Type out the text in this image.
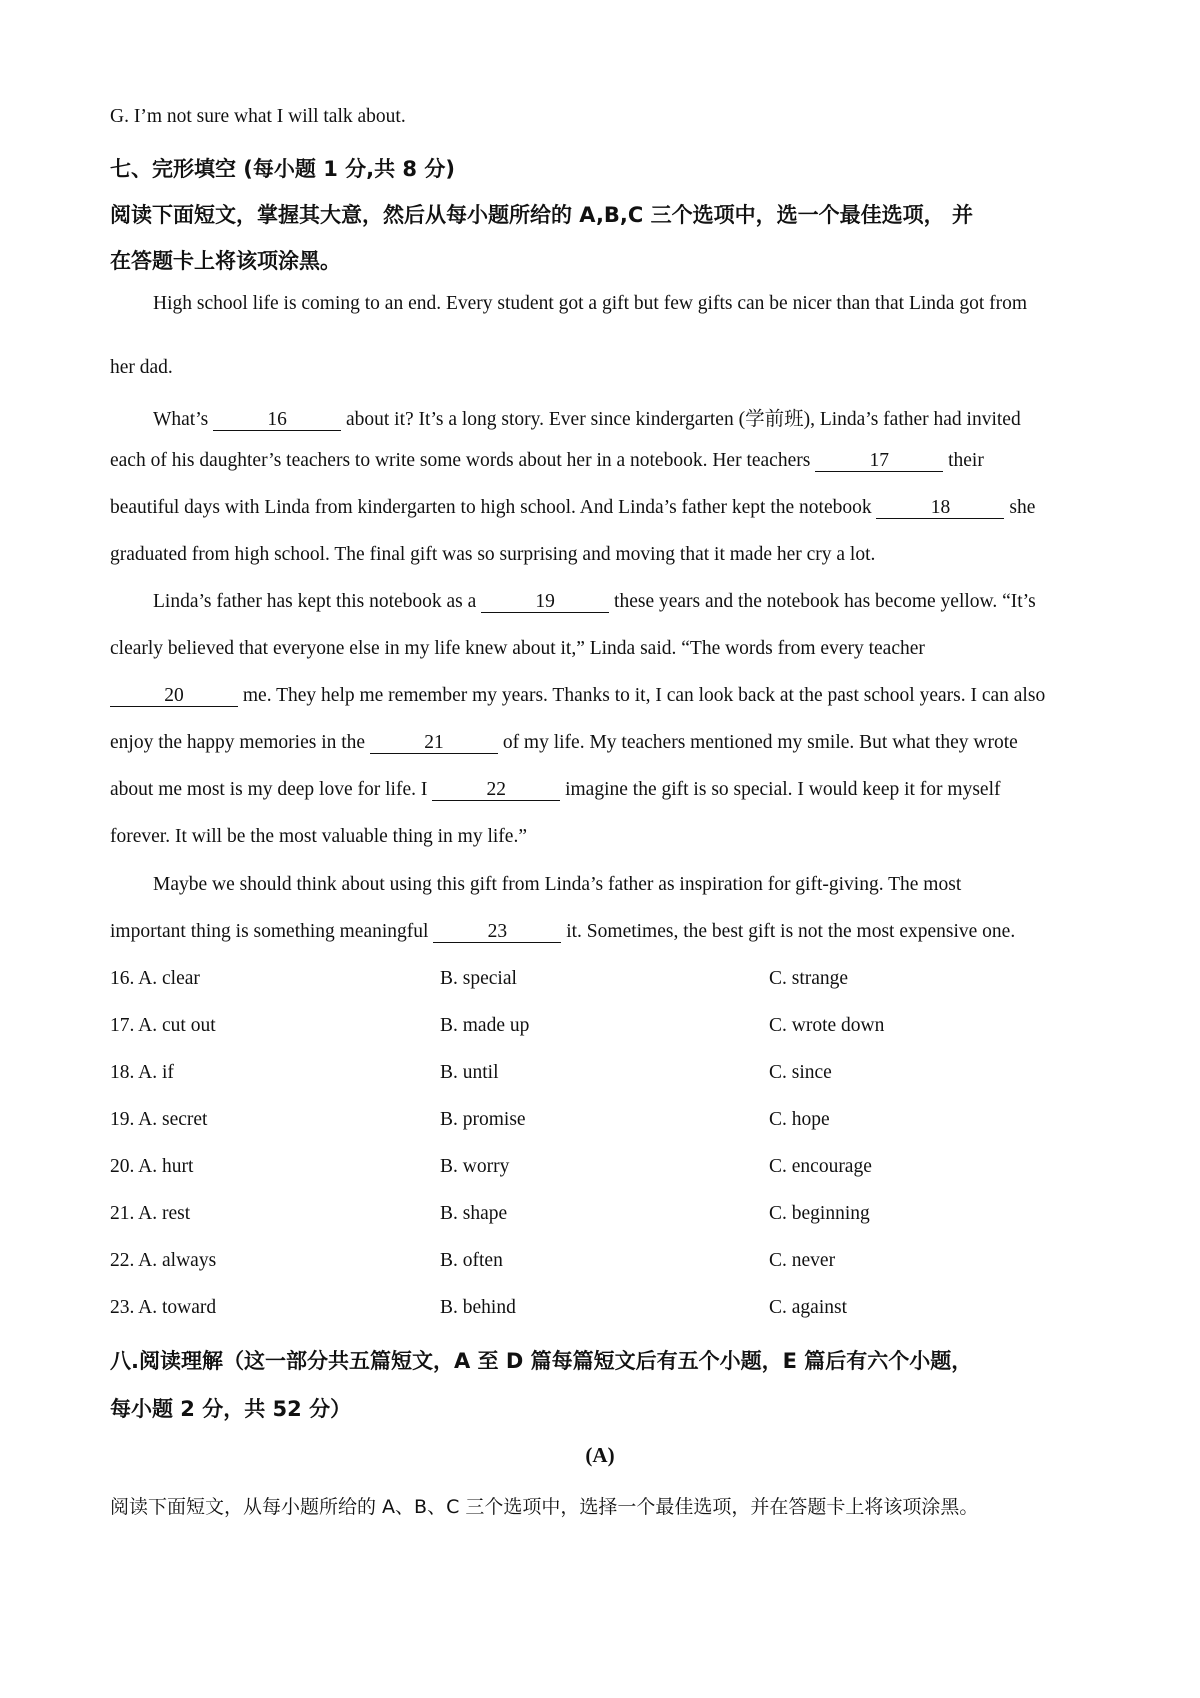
G. I’m not sure what I will talk about.
七、完形填空 (每小题 1 分,共 8 分)
阅读下面短文，掌握其大意，然后从每小题所给的 A,B,C 三个选项中，选一个最佳选项， 并
在答题卡上将该项涂黑。
High school life is coming to an end. Every student got a gift but few gifts can be nicer than that Linda got from
her dad.
What’s	16	about it? It’s a long story. Ever since kindergarten (学前班), Linda’s father had invited
each of his daughter’s teachers to write some words about her in a notebook. Her teachers	17	their
beautiful days with Linda from kindergarten to high school. And Linda’s father kept the notebook	18	she
graduated from high school. The final gift was so surprising and moving that it made her cry a lot.
Linda’s father has kept this notebook as a	19	these years and the notebook has become yellow. “It’s
clearly believed that everyone else in my life knew about it,” Linda said. “The words from every teacher
20	me. They help me remember my years. Thanks to it, I can look back at the past school years. I can also
enjoy the happy memories in the	21	of my life. My teachers mentioned my smile. But what they wrote
about me most is my deep love for life. I	22	imagine the gift is so special. I would keep it for myself
forever. It will be the most valuable thing in my life.”
Maybe we should think about using this gift from Linda’s father as inspiration for gift-giving. The most
important thing is something meaningful	23	it. Sometimes, the best gift is not the most expensive one.
16. A. clear	B. special	C. strange
17. A. cut out	B. made up	C. wrote down
18. A. if	B. until	C. since
19. A. secret	B. promise	C. hope
20. A. hurt	B. worry	C. encourage
21. A. rest	B. shape	C. beginning
22. A. always	B. often	C. never
23. A. toward	B. behind	C. against
八.阅读理解（这一部分共五篇短文，A 至 D 篇每篇短文后有五个小题，E 篇后有六个小题，
每小题 2 分，共 52 分）
(A)
阅读下面短文，从每小题所给的 A、B、C 三个选项中，选择一个最佳选项，并在答题卡上将该项涂黑。
